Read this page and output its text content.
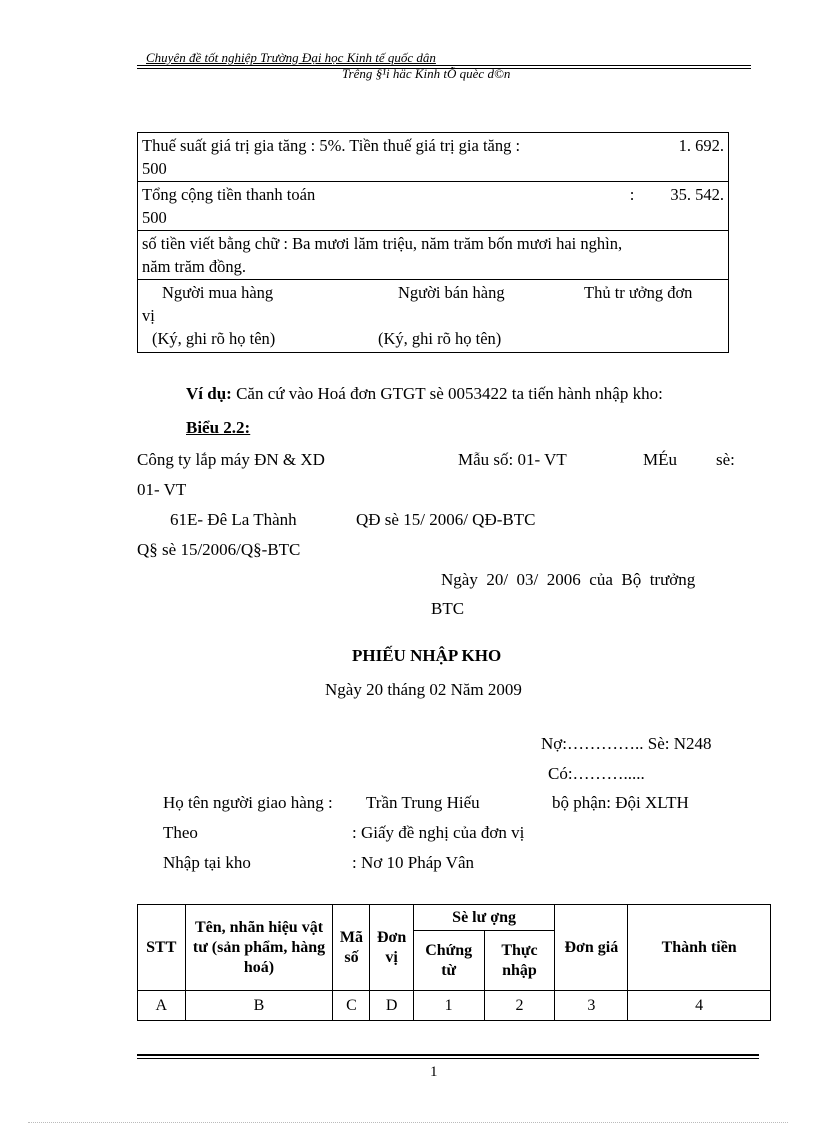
Chuyên đề tốt nghiệp Trường Đại học Kinh tế quốc dân
Trêng §¹i häc Kinh tÕ quèc d©n
Thuế suất giá trị gia tăng : 5%. Tiền thuế giá trị gia tăng :	1. 692.
500

Tổng cộng tiền thanh toán	: 35. 542.
500

số tiền viết bằng chữ : Ba mươi lăm triệu, năm trăm bốn mươi hai nghìn,
năm trăm đồng.

Người mua hàng	Người bán hàng	Thủ tr ưởng đơn
vị
(Ký, ghi rõ họ tên)	(Ký, ghi rõ họ tên)
Ví dụ: Căn cứ vào Hoá đơn GTGT sè 0053422 ta tiến hành nhập kho:
Biểu 2.2:
Công ty lắp máy ĐN & XD	Mẫu số: 01- VT	MÉu sè:
01- VT
61E- Đê La Thành	QĐ sè 15/ 2006/ QĐ-BTC
Q§ sè 15/2006/Q§-BTC
Ngày  20/  03/  2006  của  Bộ  trưởng
BTC
PHIẾU NHẬP KHO
Ngày 20 tháng 02 Năm 2009
Nợ:………….. Sè: N248
Có:……….....
Họ tên người giao hàng : Trần Trung Hiếu	bộ phận: Đội XLTH
Theo	: Giấy đề nghị của đơn vị
Nhập tại kho	: Nơ 10 Pháp Vân
STT	Tên, nhãn hiệu vật tư (sản phẩm, hàng hoá)	Mã số	Đơn vị	Sè lư ợng		Đơn giá	Thành tiền
				Chứng từ	Thực nhập		
A	B	C	D	1	2	3	4
1
